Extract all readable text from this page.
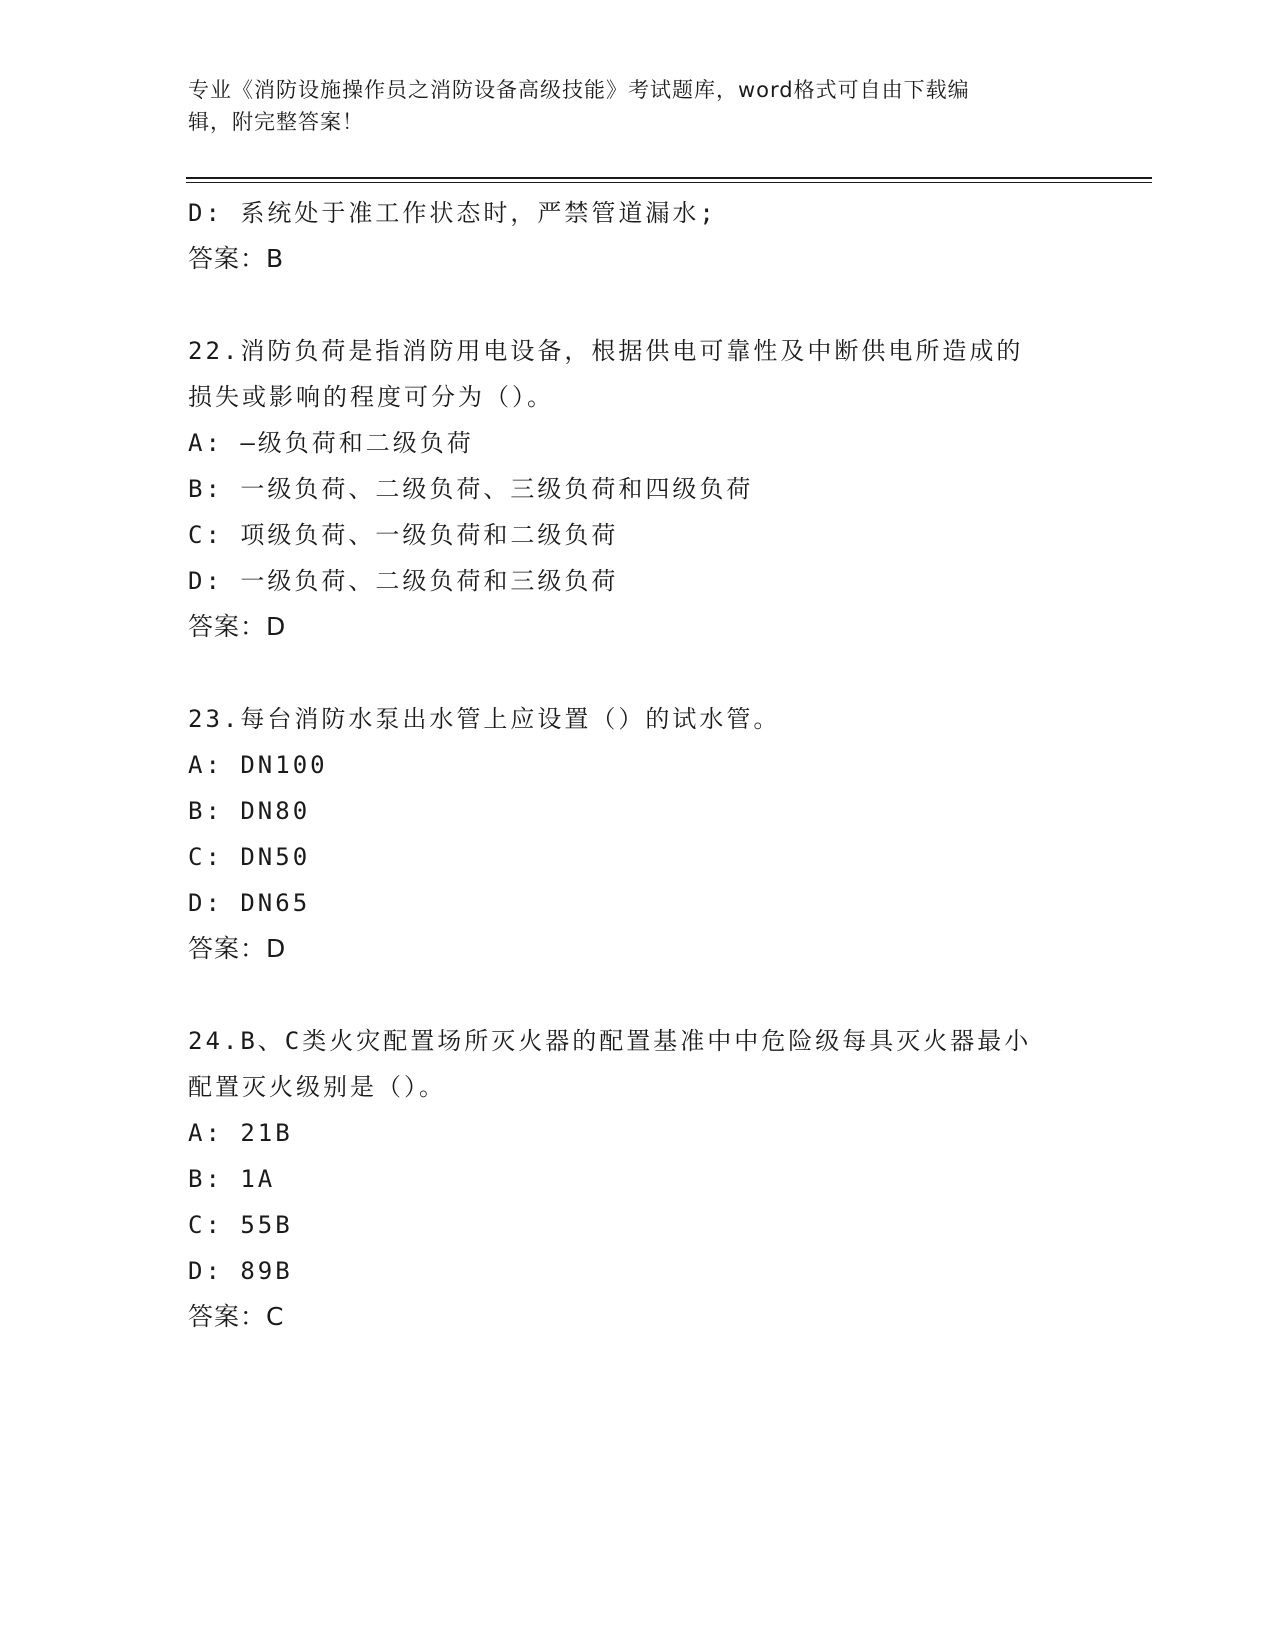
专业《消防设施操作员之消防设备高级技能》考试题库，word格式可自由下载编
辑，附完整答案！
D: 系统处于准工作状态时，严禁管道漏水;
答案：B
22.消防负荷是指消防用电设备，根据供电可靠性及中断供电所造成的
损失或影响的程度可分为（）。
A: —级负荷和二级负荷
B: 一级负荷、二级负荷、三级负荷和四级负荷
C: 项级负荷、一级负荷和二级负荷
D: 一级负荷、二级负荷和三级负荷
答案：D
23.每台消防水泵出水管上应设置（）的试水管。
A: DN100
B: DN80
C: DN50
D: DN65
答案：D
24.B、C类火灾配置场所灭火器的配置基准中中危险级每具灭火器最小
配置灭火级别是（）。
A: 21B
B: 1A
C: 55B
D: 89B
答案：C
